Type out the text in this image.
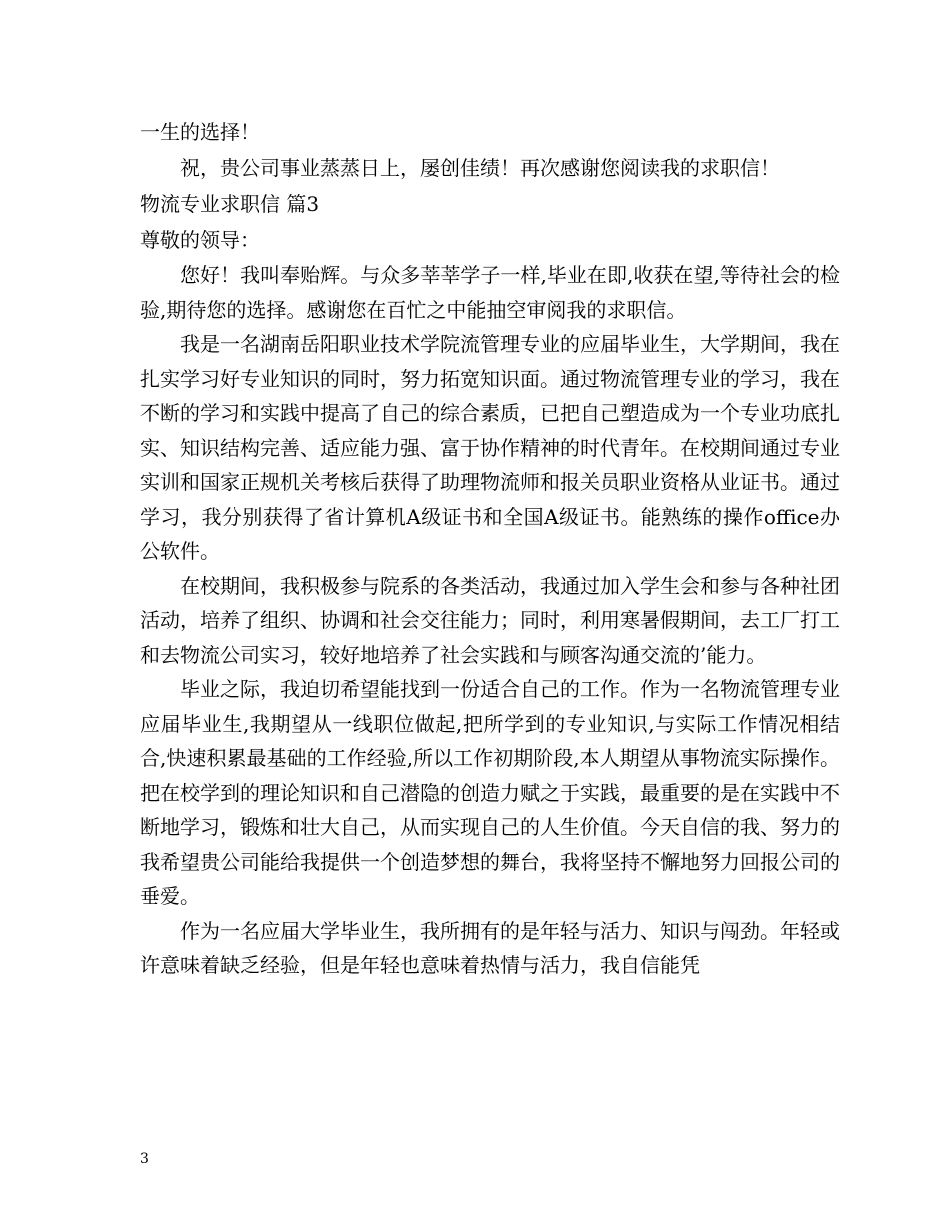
一生的选择！

祝，贵公司事业蒸蒸日上，屡创佳绩！再次感谢您阅读我的求职信！

物流专业求职信 篇3

尊敬的领导：

您好！我叫奉贻辉。与众多莘莘学子一样,毕业在即,收获在望,等待社会的检验,期待您的选择。感谢您在百忙之中能抽空审阅我的求职信。

我是一名湖南岳阳职业技术学院流管理专业的应届毕业生，大学期间，我在扎实学习好专业知识的同时，努力拓宽知识面。通过物流管理专业的学习，我在不断的学习和实践中提高了自己的综合素质，已把自己塑造成为一个专业功底扎实、知识结构完善、适应能力强、富于协作精神的时代青年。在校期间通过专业实训和国家正规机关考核后获得了助理物流师和报关员职业资格从业证书。通过学习，我分别获得了省计算机A级证书和全国A级证书。能熟练的操作office办公软件。

在校期间，我积极参与院系的各类活动，我通过加入学生会和参与各种社团活动，培养了组织、协调和社会交往能力；同时，利用寒暑假期间，去工厂打工和去物流公司实习，较好地培养了社会实践和与顾客沟通交流的’能力。

毕业之际，我迫切希望能找到一份适合自己的工作。作为一名物流管理专业应届毕业生,我期望从一线职位做起,把所学到的专业知识,与实际工作情况相结合,快速积累最基础的工作经验,所以工作初期阶段,本人期望从事物流实际操作。把在校学到的理论知识和自己潜隐的创造力赋之于实践，最重要的是在实践中不断地学习，锻炼和壮大自己，从而实现自己的人生价值。今天自信的我、努力的我希望贵公司能给我提供一个创造梦想的舞台，我将坚持不懈地努力回报公司的垂爱。

作为一名应届大学毕业生，我所拥有的是年轻与活力、知识与闯劲。年轻或许意味着缺乏经验，但是年轻也意味着热情与活力，我自信能凭

3
